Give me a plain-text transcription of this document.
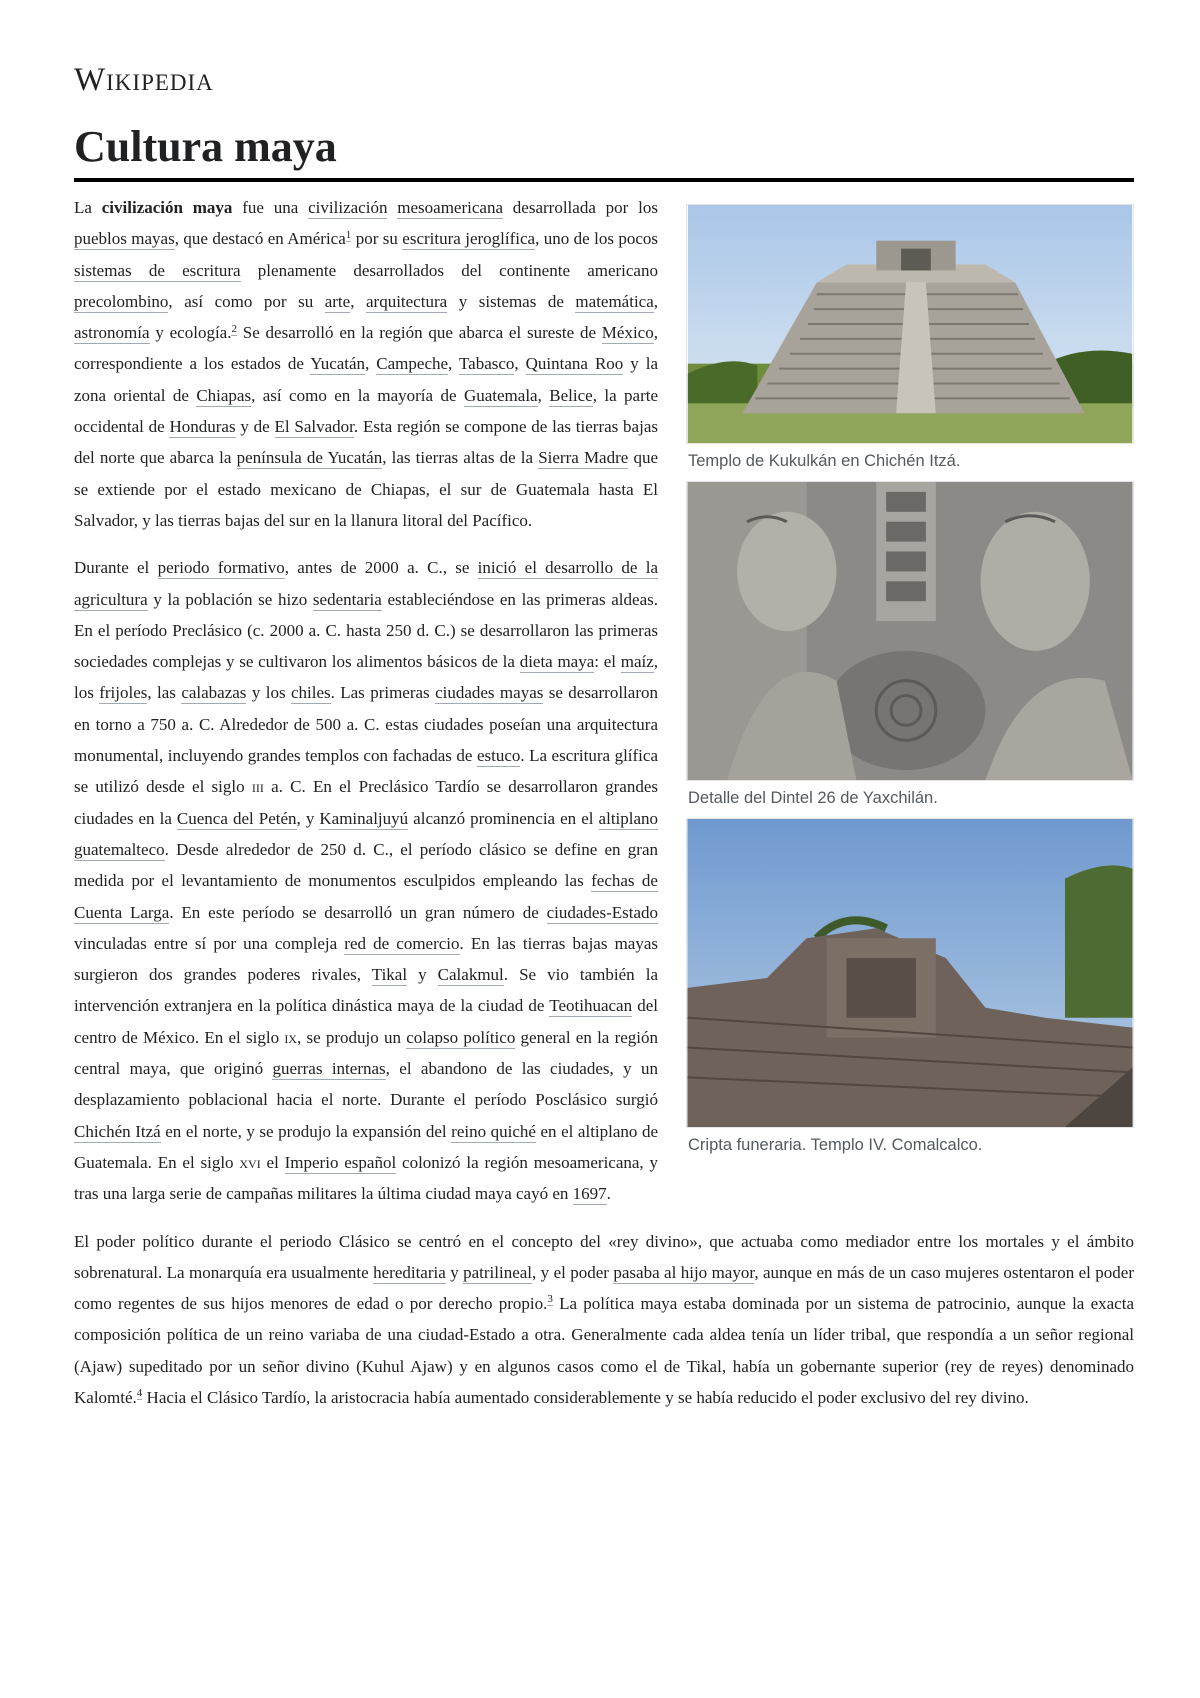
Wikipedia
Cultura maya
Templo de Kukulkán en Chichén Itzá.
Detalle del Dintel 26 de Yaxchilán.
Cripta funeraria. Templo IV. Comalcalco.

La civilización maya fue una civilización mesoamericana desarrollada por los pueblos mayas, que destacó en América$^1$ por su escritura jeroglífica, uno de los pocos sistemas de escritura plenamente desarrollados del continente americano precolombino, así como por su arte, arquitectura y sistemas de matemática, astronomía y ecología.$^2$ Se desarrolló en la región que abarca el sureste de México, correspondiente a los estados de Yucatán, Campeche, Tabasco, Quintana Roo y la zona oriental de Chiapas, así como en la mayoría de Guatemala, Belice, la parte occidental de Honduras y de El Salvador. Esta región se compone de las tierras bajas del norte que abarca la península de Yucatán, las tierras altas de la Sierra Madre que se extiende por el estado mexicano de Chiapas, el sur de Guatemala hasta El Salvador, y las tierras bajas del sur en la llanura litoral del Pacífico.

Durante el periodo formativo, antes de 2000 a. C., se inició el desarrollo de la agricultura y la población se hizo sedentaria estableciéndose en las primeras aldeas. En el período Preclásico (c. 2000 a. C. hasta 250 d. C.) se desarrollaron las primeras sociedades complejas y se cultivaron los alimentos básicos de la dieta maya: el maíz, los frijoles, las calabazas y los chiles. Las primeras ciudades mayas se desarrollaron en torno a 750 a. C. Alrededor de 500 a. C. estas ciudades poseían una arquitectura monumental, incluyendo grandes templos con fachadas de estuco. La escritura glífica se utilizó desde el siglo iii a. C. En el Preclásico Tardío se desarrollaron grandes ciudades en la Cuenca del Petén, y Kaminaljuyú alcanzó prominencia en el altiplano guatemalteco. Desde alrededor de 250 d. C., el período clásico se define en gran medida por el levantamiento de monumentos esculpidos empleando las fechas de Cuenta Larga. En este período se desarrolló un gran número de ciudades-Estado vinculadas entre sí por una compleja red de comercio. En las tierras bajas mayas surgieron dos grandes poderes rivales, Tikal y Calakmul. Se vio también la intervención extranjera en la política dinástica maya de la ciudad de Teotihuacan del centro de México. En el siglo ix, se produjo un colapso político general en la región central maya, que originó guerras internas, el abandono de las ciudades, y un desplazamiento poblacional hacia el norte. Durante el período Posclásico surgió Chichén Itzá en el norte, y se produjo la expansión del reino quiché en el altiplano de Guatemala. En el siglo xvi el Imperio español colonizó la región mesoamericana, y tras una larga serie de campañas militares la última ciudad maya cayó en 1697.

El poder político durante el periodo Clásico se centró en el concepto del «rey divino», que actuaba como mediador entre los mortales y el ámbito sobrenatural. La monarquía era usualmente hereditaria y patrilineal, y el poder pasaba al hijo mayor, aunque en más de un caso mujeres ostentaron el poder como regentes de sus hijos menores de edad o por derecho propio.$^3$ La política maya estaba dominada por un sistema de patrocinio, aunque la exacta composición política de un reino variaba de una ciudad-Estado a otra. Generalmente cada aldea tenía un líder tribal, que respondía a un señor regional (Ajaw) supeditado por un señor divino (Kuhul Ajaw) y en algunos casos como el de Tikal, había un gobernante superior (rey de reyes) denominado Kalomté.$^4$ Hacia el Clásico Tardío, la aristocracia había aumentado considerablemente y se había reducido el poder exclusivo del rey divino.
